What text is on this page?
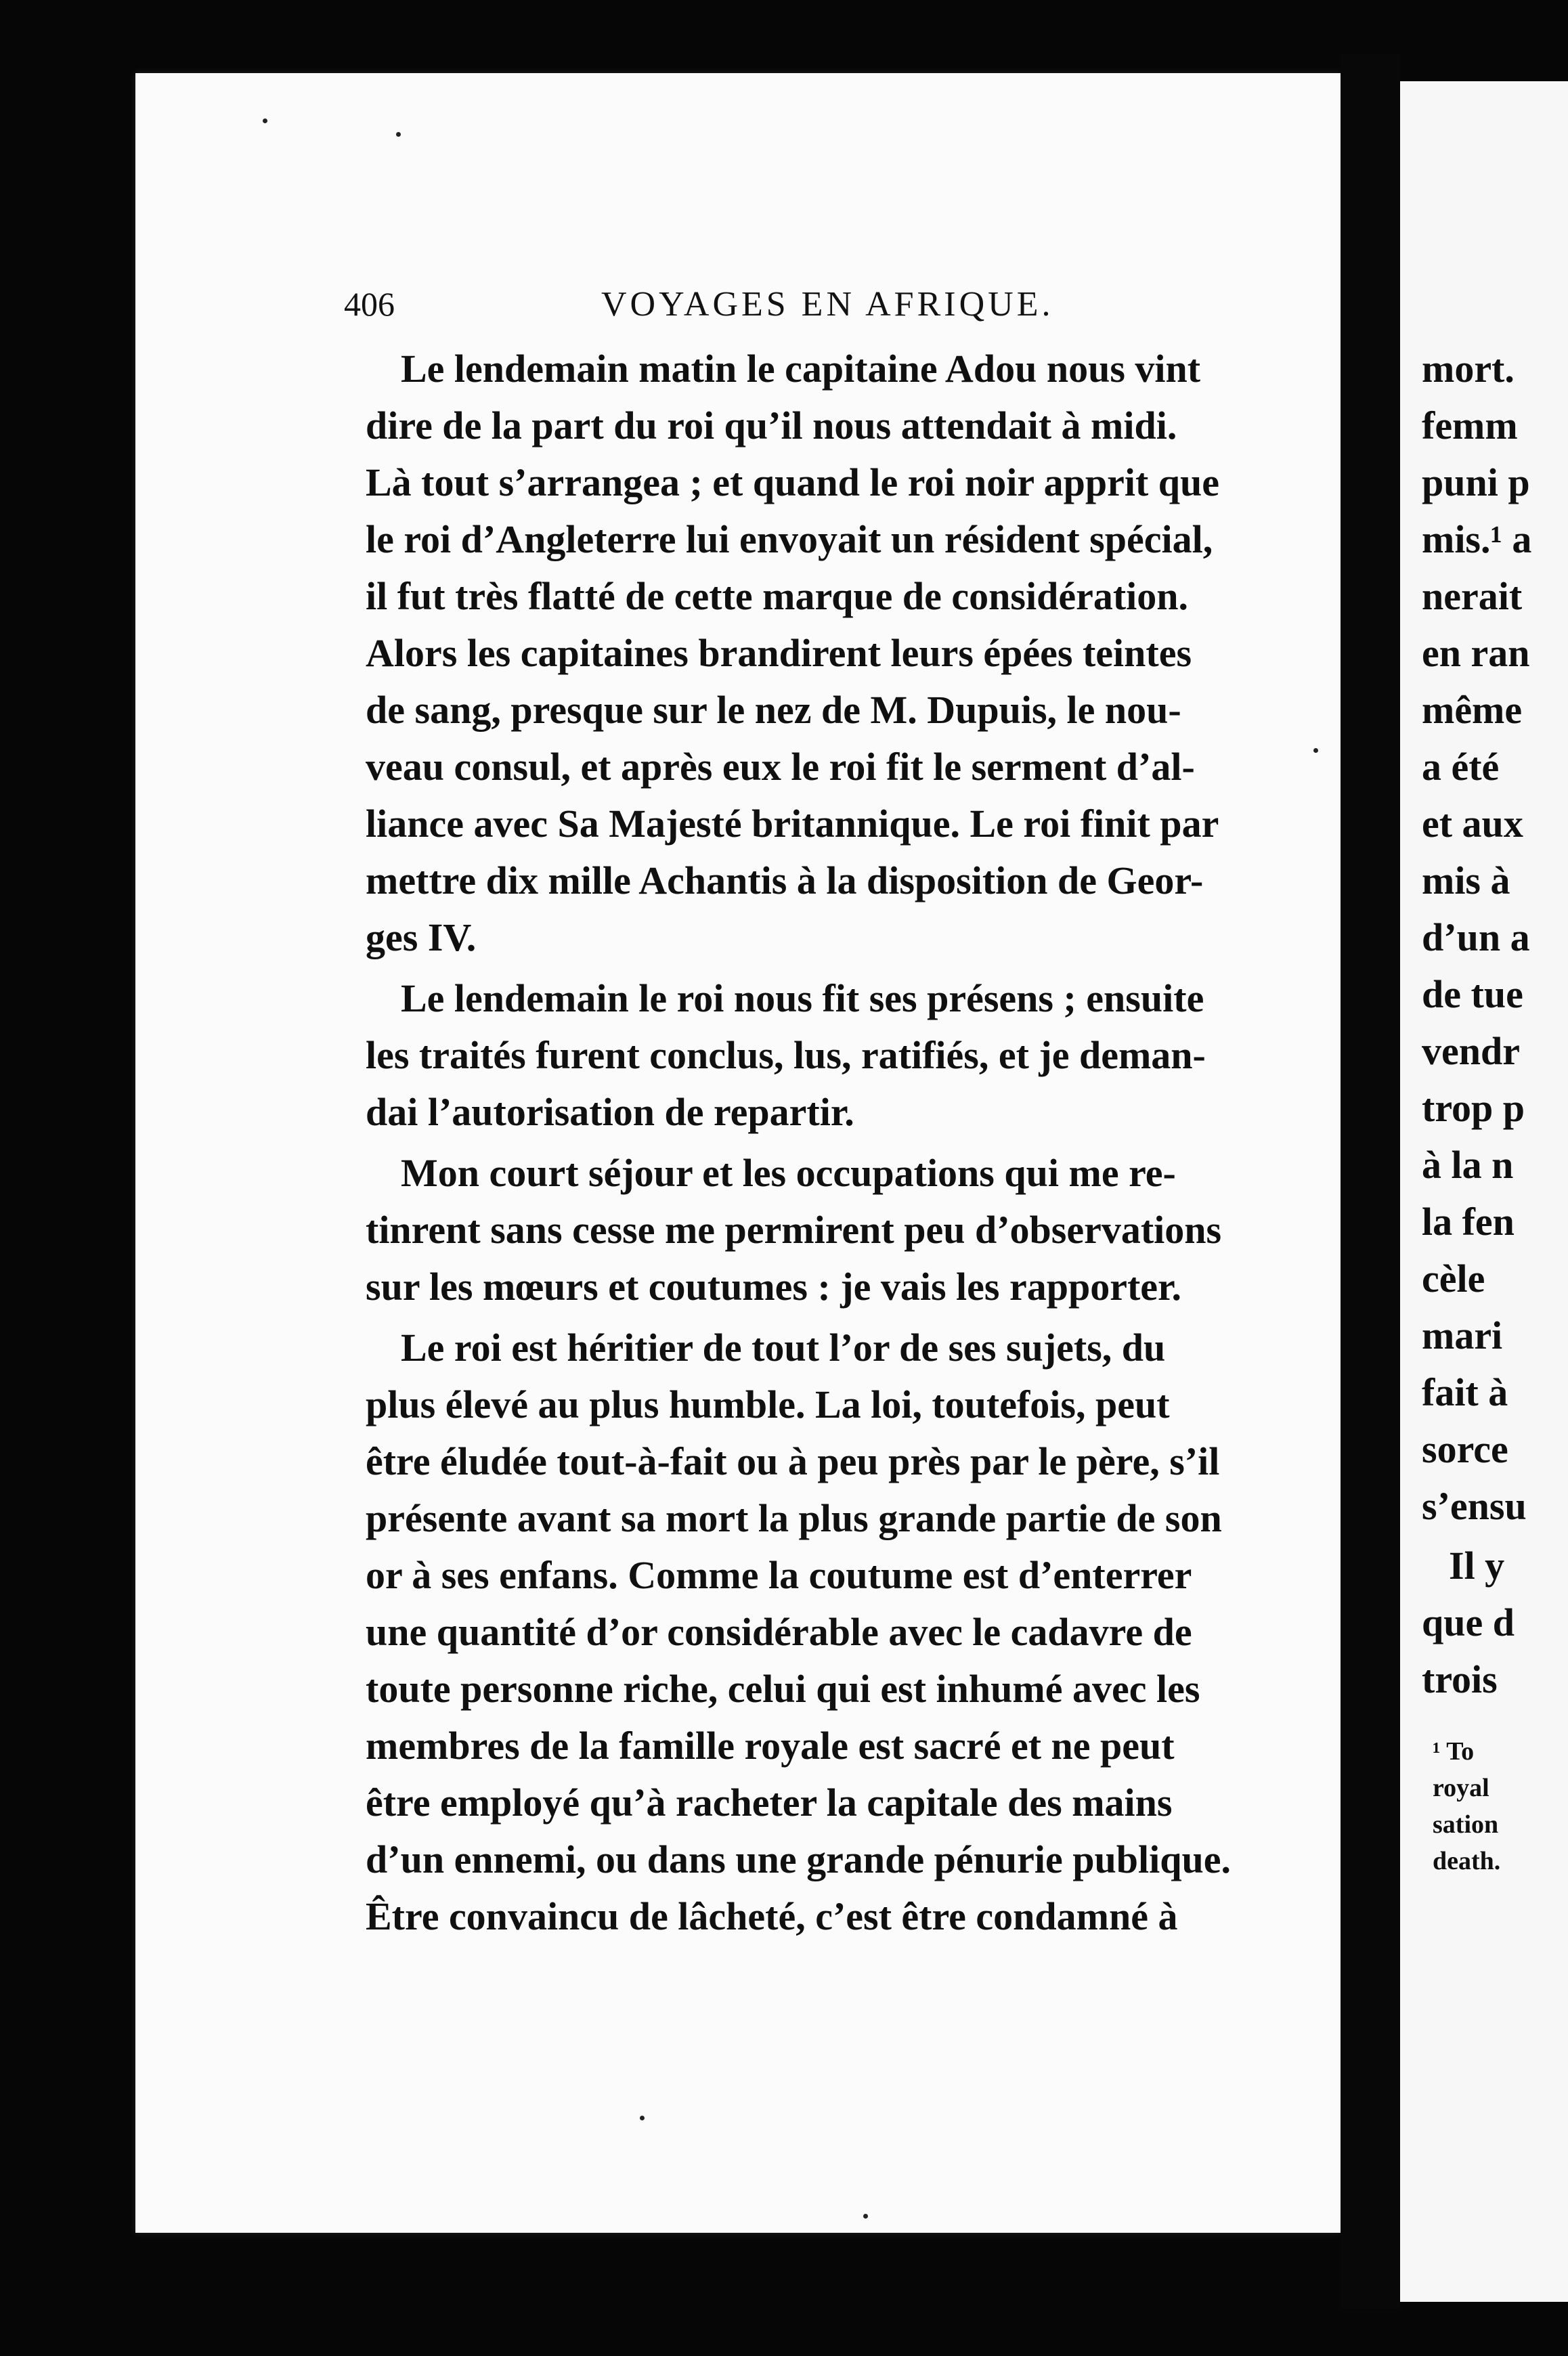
406	VOYAGES EN AFRIQUE.
Le lendemain matin le capitaine Adou nous vint
dire de la part du roi qu’il nous attendait à midi.
Là tout s’arrangea ; et quand le roi noir apprit que
le roi d’Angleterre lui envoyait un résident spécial,
il fut très flatté de cette marque de considération.
Alors les capitaines brandirent leurs épées teintes
de sang, presque sur le nez de M. Dupuis, le nou-
veau consul, et après eux le roi fit le serment d’al-
liance avec Sa Majesté britannique. Le roi finit par
mettre dix mille Achantis à la disposition de Geor-
ges IV.
Le lendemain le roi nous fit ses présens ; ensuite
les traités furent conclus, lus, ratifiés, et je deman-
dai l’autorisation de repartir.
Mon court séjour et les occupations qui me re-
tinrent sans cesse me permirent peu d’observations
sur les mœurs et coutumes : je vais les rapporter.
Le roi est héritier de tout l’or de ses sujets, du
plus élevé au plus humble. La loi, toutefois, peut
être éludée tout-à-fait ou à peu près par le père, s’il
présente avant sa mort la plus grande partie de son
or à ses enfans. Comme la coutume est d’enterrer
une quantité d’or considérable avec le cadavre de
toute personne riche, celui qui est inhumé avec les
membres de la famille royale est sacré et ne peut
être employé qu’à racheter la capitale des mains
d’un ennemi, ou dans une grande pénurie publique.
Être convaincu de lâcheté, c’est être condamné à
mort.
femm
puni p
mis.¹ a
nerait
en ran
même
a été
et aux
mis à
d’un a
de tue
vendr
trop p
à la n
la fen
cèle
mari
fait à
sorce
s’ensu
Il y
que d
trois
¹ To
royal
sation
death.
